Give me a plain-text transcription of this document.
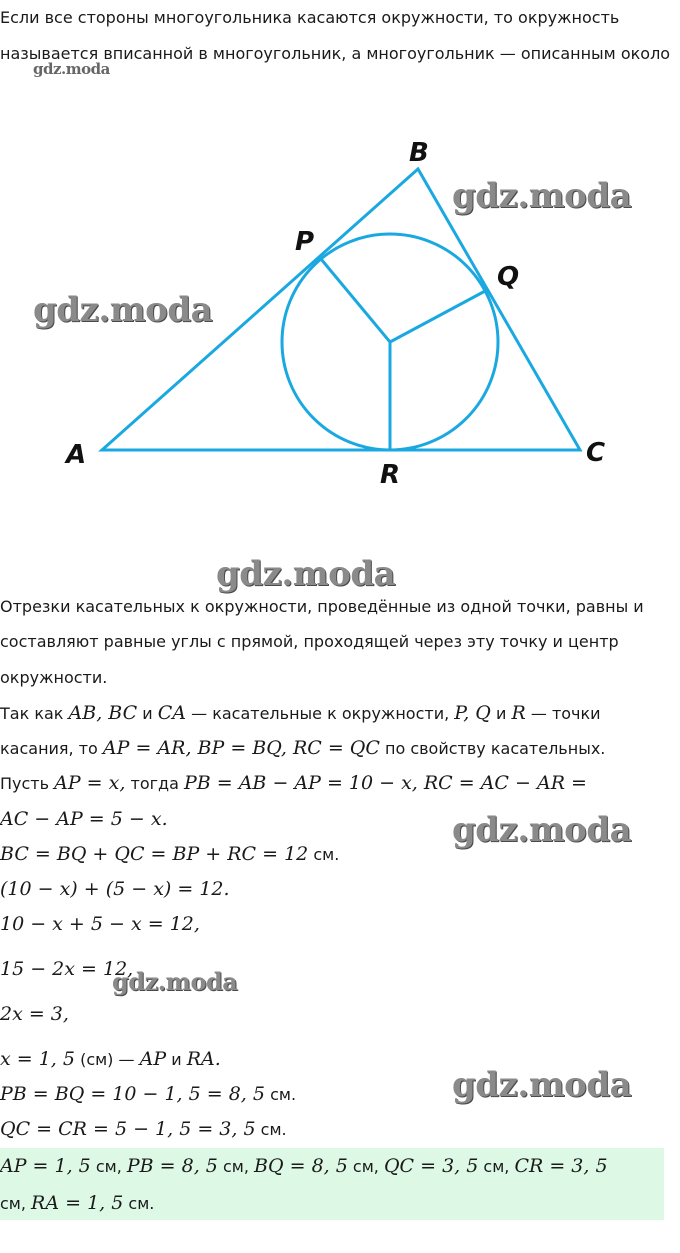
Если все стороны многоугольника касаются окружности, то окружность
называется вписанной в многоугольник, а многоугольник — описанным около
gdz.moda
B
P
Q
A	C
R
gdz.moda
gdz.moda
gdz.moda
Отрезки касательных к окружности, проведённые из одной точки, равны и
составляют равные углы с прямой, проходящей через эту точку и центр
окружности.
Так как AB, BC и CA — касательные к окружности, P, Q и R — точки
касания, то AP = AR, BP = BQ, RC = QC по свойству касательных.
Пусть AP = x, тогда PB = AB − AP = 10 − x, RC = AC − AR =
AC − AP = 5 − x.	gdz.moda
BC = BQ + QC = BP + RC = 12 см.
(10 − x) + (5 − x) = 12.
10 − x + 5 − x = 12,
15 − 2x = 12,
gdz.moda
2x = 3,
x = 1, 5 (см) — AP и RA.
gdz.moda
PB = BQ = 10 − 1, 5 = 8, 5 см.
QC = CR = 5 − 1, 5 = 3, 5 см.
AP = 1, 5 см, PB = 8, 5 см, BQ = 8, 5 см, QC = 3, 5 см, CR = 3, 5
см, RA = 1, 5 см.
